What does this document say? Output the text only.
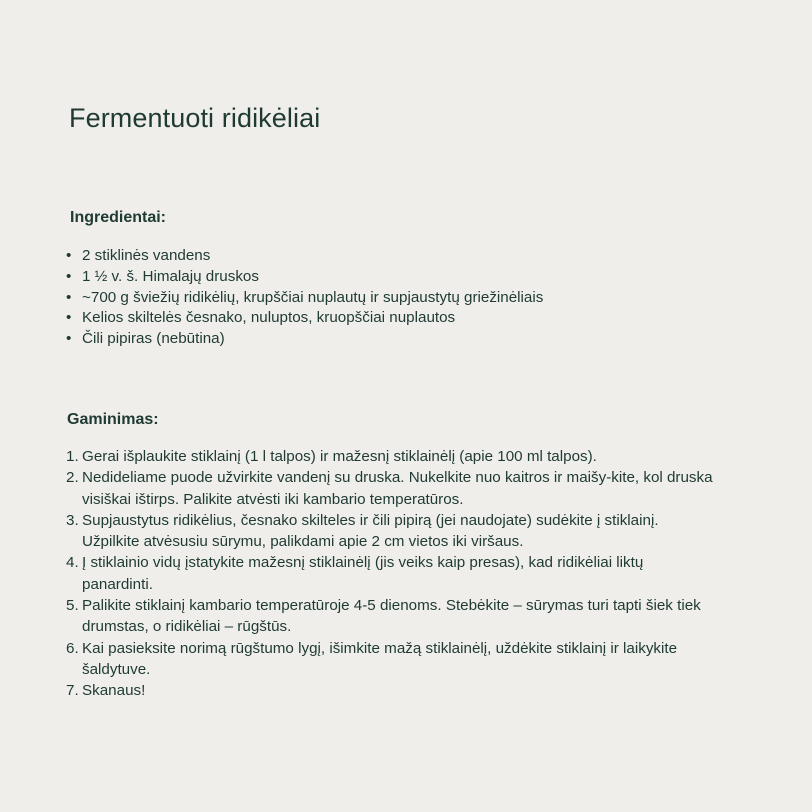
Fermentuoti ridikėliai
Ingredientai:
• 2 stiklinės vandens
• 1 ½ v. š. Himalajų druskos
• ~700 g šviežių ridikėlių, krupščiai nuplautų ir supjaustytų griežinėliais
• Kelios skiltelės česnako, nuluptos, kruopščiai nuplautos
• Čili pipiras (nebūtina)
Gaminimas:
1. Gerai išplaukite stiklainį (1 l talpos) ir mažesnį stiklainėlį (apie 100 ml talpos).
2. Nedideliame puode užvirkite vandenį su druska. Nukelkite nuo kaitros ir maišy-kite, kol druska visiškai ištirps. Palikite atvėsti iki kambario temperatūros.
3. Supjaustytus ridikėlius, česnako skilteles ir čili pipirą (jei naudojate) sudėkite į stiklainį. Užpilkite atvėsusiu sūrymu, palikdami apie 2 cm vietos iki viršaus.
4. Į stiklainio vidų įstatykite mažesnį stiklainėlį (jis veiks kaip presas), kad ridikėliai liktų panardinti.
5. Palikite stiklainį kambario temperatūroje 4-5 dienoms. Stebėkite – sūrymas turi tapti šiek tiek drumstas, o ridikėliai – rūgštūs.
6. Kai pasieksite norimą rūgštumo lygį, išimkite mažą stiklainėlį, uždėkite stiklainį ir laikykite šaldytuve.
7. Skanaus!
